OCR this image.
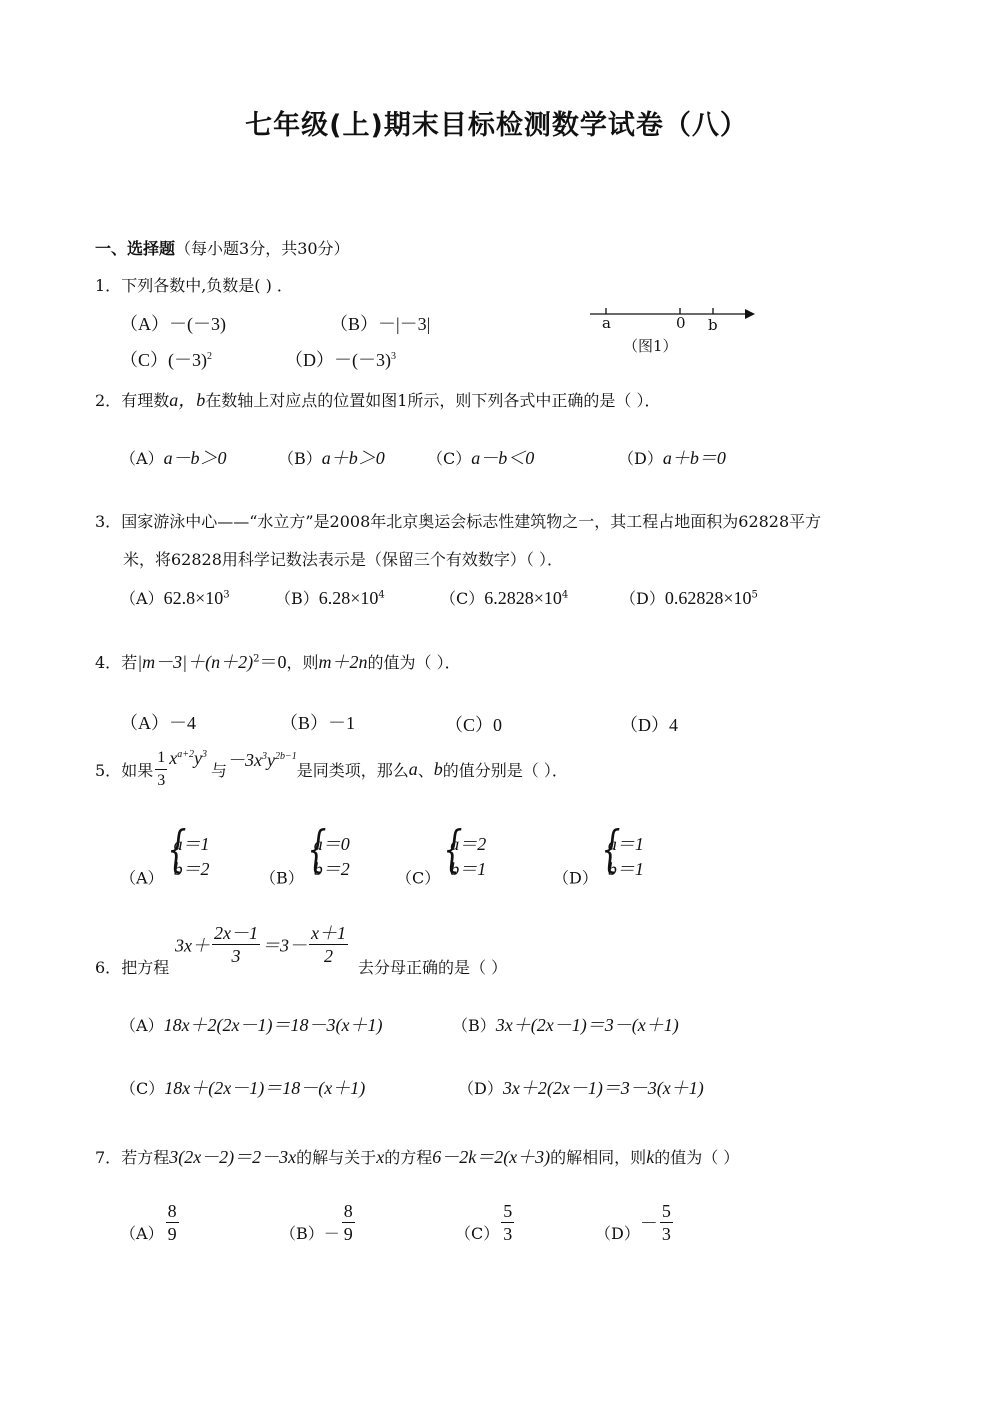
七年级(上)期末目标检测数学试卷（八）
一、选择题（每小题3分，共30分）
1．下列各数中,负数是( ) ．
（A）－(－3)	（B）－|－3|
$(C)(-3)^2$	$(D)-(-3)^3$
a	0 b
（图1）
2．有理数a，b在数轴上对应点的位置如图1所示，则下列各式中正确的是（ ）．
（A）a－b＞0	（B）a＋b＞0	（C）a－b＜0	（D）a＋b＝0
3．国家游泳中心——“水立方”是2008年北京奥运会标志性建筑物之一，其工程占地面积为62828平方
米，将62828用科学记数法表示是（保留三个有效数字）（ ）．
$(A)62.8\times 10^3$	$(B)6.28\times 10^4$	$(C)6.2828\times 10^4$	$(D)0.62828\times 10^5$
4．若$|m-3|+(n+2)^2=0$，则m＋2n的值为（ ）．
（A）－4	（B）－1	（C）0	（D）4
5．如果 $\frac{1}{3} x^{a+2}y^3$与$-3x^3y^{2b-1}$是同类项，那么a、b的值分别是（ ）．
（A）
{ a＝1
b＝2	（B）
{ a＝0
b＝2	（C）
{ a＝2
b＝1	（D）
{ a＝1
b＝1
6．把方程
$3x+ \frac{2x-1}{3} =3- \frac{x+1}{2}$
去分母正确的是（ ）
（A）18x＋2(2x－1)＝18－3(x＋1)	（B）3x＋(2x－1)＝3－(x＋1)
（C）18x＋(2x－1)＝18－(x＋1)	（D）3x＋2(2x－1)＝3－3(x＋1)
7．若方程3(2x－2)＝2－3x的解与关于x的方程6－2k＝2(x＋3)的解相同，则k的值为（ ）
$(A) \frac{8}{9}$	$(B)- \frac{8}{9}$	$(C) \frac{5}{3}$	$(D)- \frac{5}{3}$
